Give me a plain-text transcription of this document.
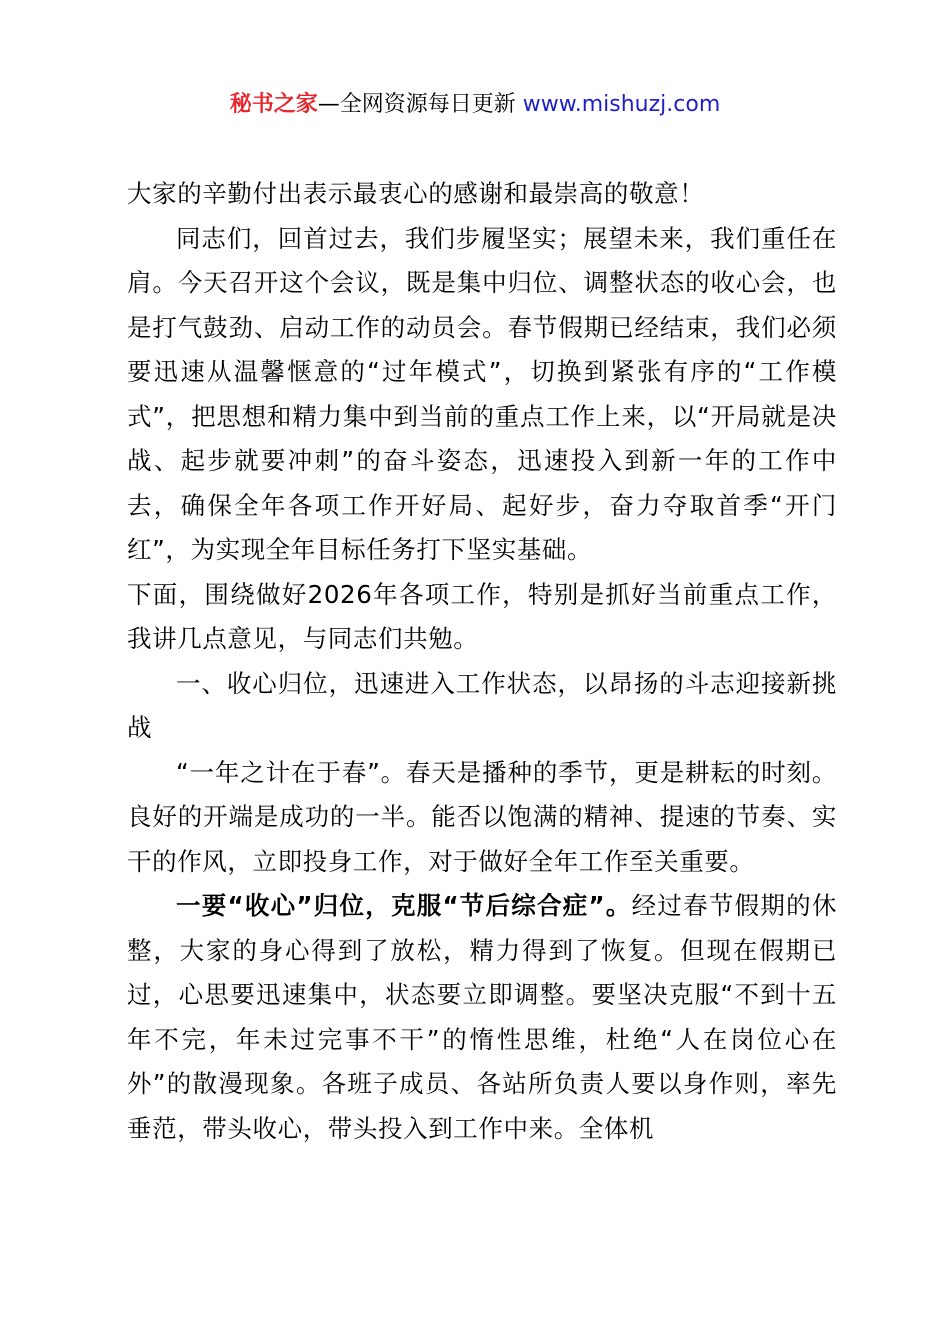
秘书之家—全网资源每日更新 www.mishuzj.com

大家的辛勤付出表示最衷心的感谢和最崇高的敬意！

同志们，回首过去，我们步履坚实；展望未来，我们重任在肩。今天召开这个会议，既是集中归位、调整状态的收心会，也是打气鼓劲、启动工作的动员会。春节假期已经结束，我们必须要迅速从温馨惬意的“过年模式”，切换到紧张有序的“工作模式”，把思想和精力集中到当前的重点工作上来，以“开局就是决战、起步就要冲刺”的奋斗姿态，迅速投入到新一年的工作中去，确保全年各项工作开好局、起好步，奋力夺取首季“开门红”，为实现全年目标任务打下坚实基础。

下面，围绕做好2026年各项工作，特别是抓好当前重点工作，我讲几点意见，与同志们共勉。

一、收心归位，迅速进入工作状态，以昂扬的斗志迎接新挑战

“一年之计在于春”。春天是播种的季节，更是耕耘的时刻。良好的开端是成功的一半。能否以饱满的精神、提速的节奏、实干的作风，立即投身工作，对于做好全年工作至关重要。

一要“收心”归位，克服“节后综合症”。经过春节假期的休整，大家的身心得到了放松，精力得到了恢复。但现在假期已过，心思要迅速集中，状态要立即调整。要坚决克服“不到十五年不完，年未过完事不干”的惰性思维，杜绝“人在岗位心在外”的散漫现象。各班子成员、各站所负责人要以身作则，率先垂范，带头收心，带头投入到工作中来。全体机
